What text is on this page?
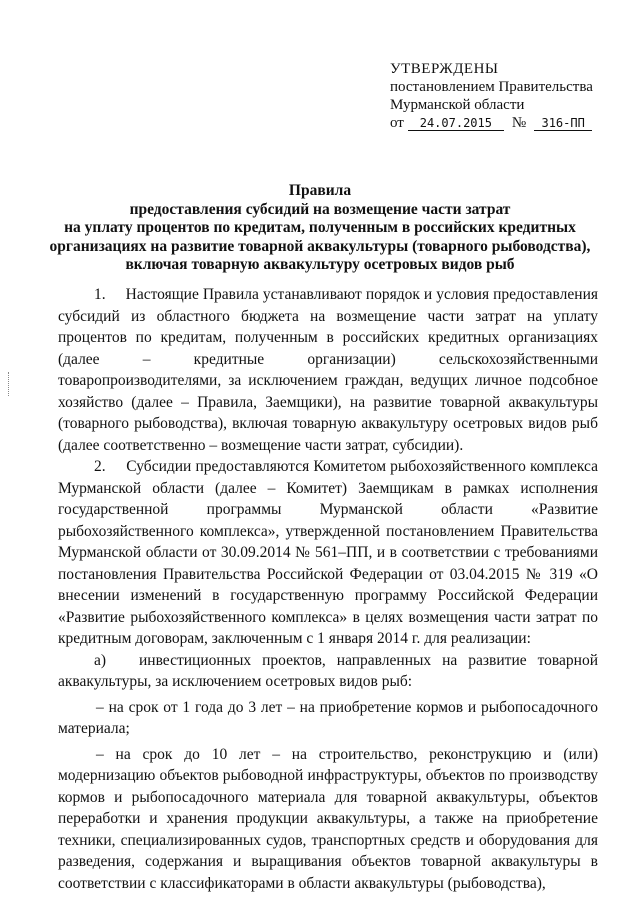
УТВЕРЖДЕНЫ
постановлением Правительства
Мурманской области
от	24.07.2015	№	316-ПП
Правила
предоставления субсидий на возмещение части затрат
на уплату процентов по кредитам, полученным в российских кредитных
организациях на развитие товарной аквакультуры (товарного рыбоводства),
включая товарную аквакультуру осетровых видов рыб

1.     Настоящие Правила устанавливают порядок и условия предоставления субсидий из областного бюджета на возмещение части затрат на уплату процентов по кредитам, полученным в российских кредитных организациях (далее – кредитные организации) сельскохозяйственными товаропроизводителями, за исключением граждан, ведущих личное подсобное хозяйство (далее – Правила, Заемщики), на развитие товарной аквакультуры (товарного рыбоводства), включая товарную аквакультуру осетровых видов рыб (далее соответственно – возмещение части затрат, субсидии).

2.     Субсидии предоставляются Комитетом рыбохозяйственного комплекса Мурманской области (далее – Комитет) Заемщикам в рамках исполнения государственной программы Мурманской области «Развитие рыбохозяйственного комплекса», утвержденной постановлением Правительства Мурманской области от 30.09.2014 № 561–ПП, и в соответствии с требованиями постановления Правительства Российской Федерации от 03.04.2015 № 319 «О внесении изменений в государственную программу Российской Федерации «Развитие рыбохозяйственного комплекса» в целях возмещения части затрат по кредитным договорам, заключенным с 1 января 2014 г. для реализации:

а)   инвестиционных проектов, направленных на развитие товарной аквакультуры, за исключением осетровых видов рыб:

– на срок от 1 года до 3 лет – на приобретение кормов и рыбопосадочного материала;

– на срок до 10 лет – на строительство, реконструкцию и (или) модернизацию объектов рыбоводной инфраструктуры, объектов по производству кормов и рыбопосадочного материала для товарной аквакультуры, объектов переработки и хранения продукции аквакультуры, а также на приобретение техники, специализированных судов, транспортных средств и оборудования для разведения, содержания и выращивания объектов товарной аквакультуры в соответствии с классификаторами в области аквакультуры (рыбоводства),
